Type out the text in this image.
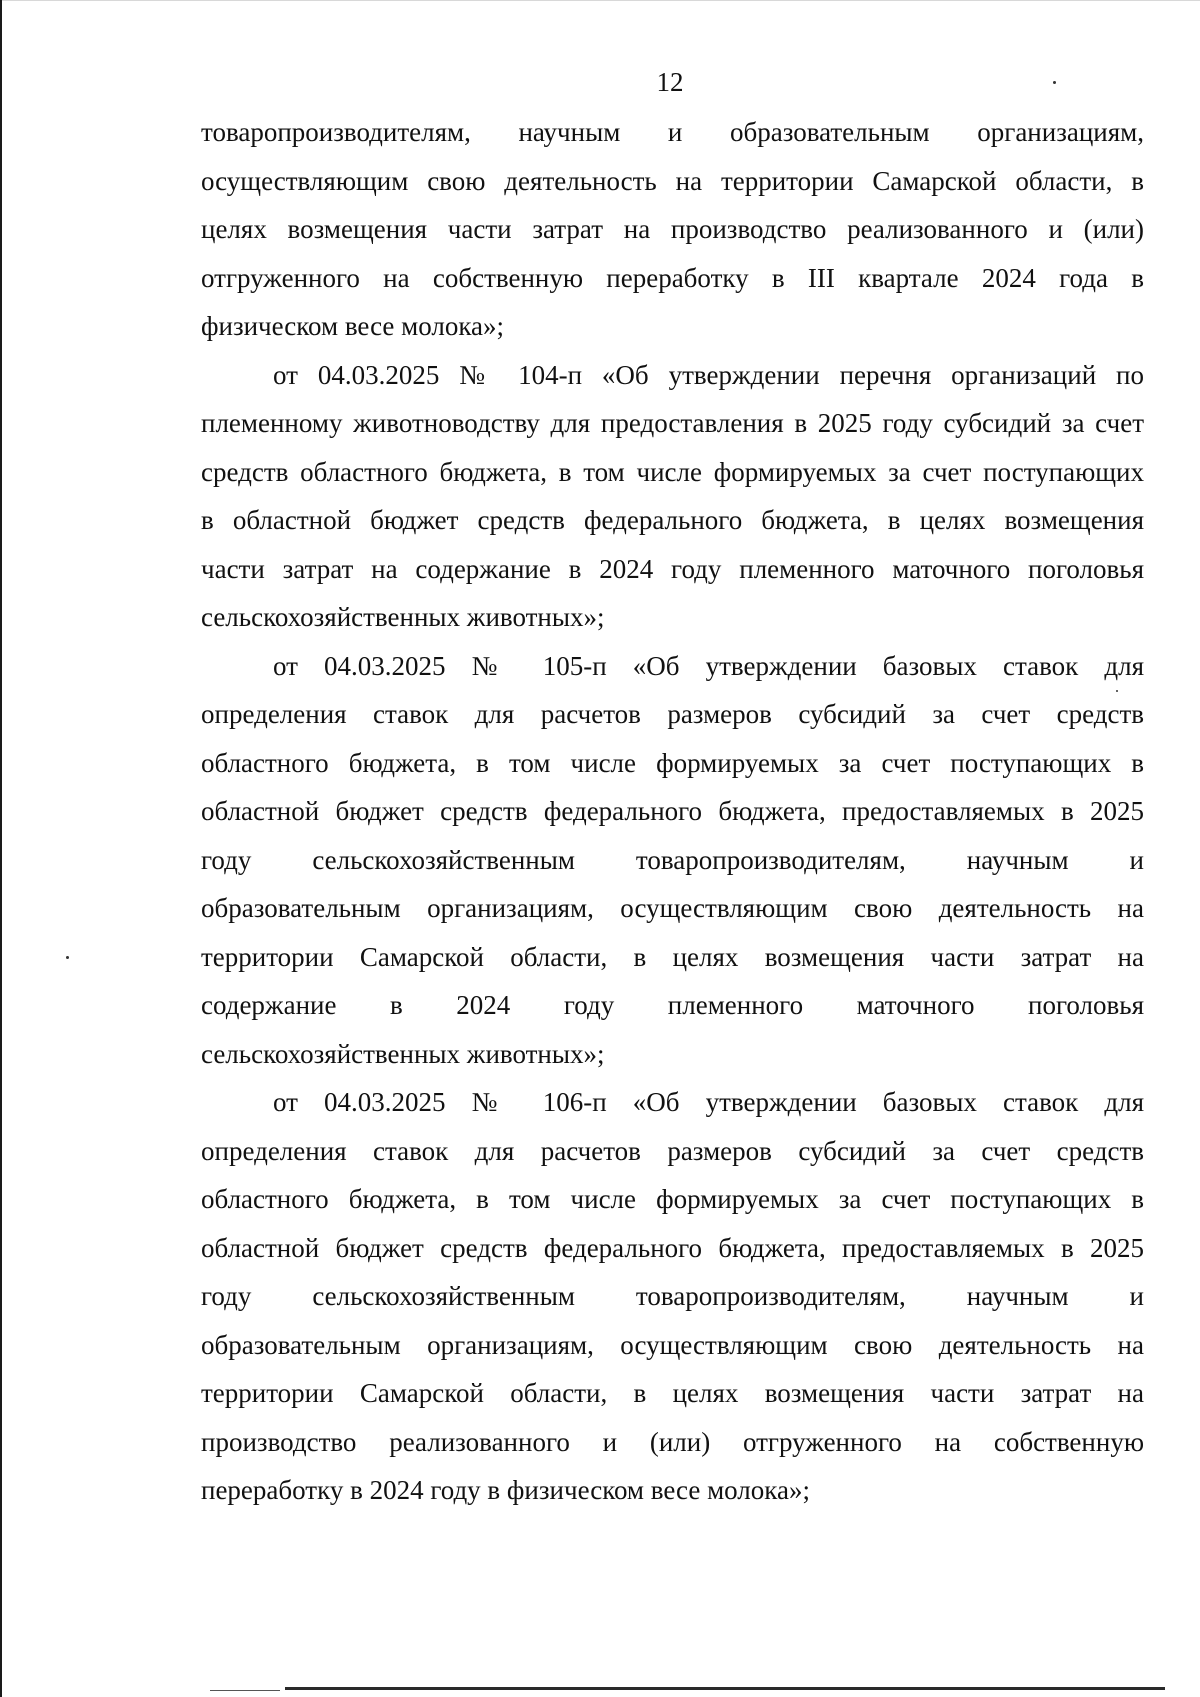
12
товаропроизводителям, научным и образовательным организациям,
осуществляющим свою деятельность на территории Самарской области, в
целях возмещения части затрат на производство реализованного и (или)
отгруженного на собственную переработку в III квартале 2024 года в
физическом весе молока»;
от 04.03.2025 № 104-п «Об утверждении перечня организаций по
племенному животноводству для предоставления в 2025 году субсидий за счет
средств областного бюджета, в том числе формируемых за счет поступающих
в областной бюджет средств федерального бюджета, в целях возмещения
части затрат на содержание в 2024 году племенного маточного поголовья
сельскохозяйственных животных»;
от 04.03.2025 № 105-п «Об утверждении базовых ставок для
определения ставок для расчетов размеров субсидий за счет средств
областного бюджета, в том числе формируемых за счет поступающих в
областной бюджет средств федерального бюджета, предоставляемых в 2025
году сельскохозяйственным товаропроизводителям, научным и
образовательным организациям, осуществляющим свою деятельность на
территории Самарской области, в целях возмещения части затрат на
содержание в 2024 году племенного маточного поголовья
сельскохозяйственных животных»;
от 04.03.2025 № 106-п «Об утверждении базовых ставок для
определения ставок для расчетов размеров субсидий за счет средств
областного бюджета, в том числе формируемых за счет поступающих в
областной бюджет средств федерального бюджета, предоставляемых в 2025
году сельскохозяйственным товаропроизводителям, научным и
образовательным организациям, осуществляющим свою деятельность на
территории Самарской области, в целях возмещения части затрат на
производство реализованного и (или) отгруженного на собственную
переработку в 2024 году в физическом весе молока»;
